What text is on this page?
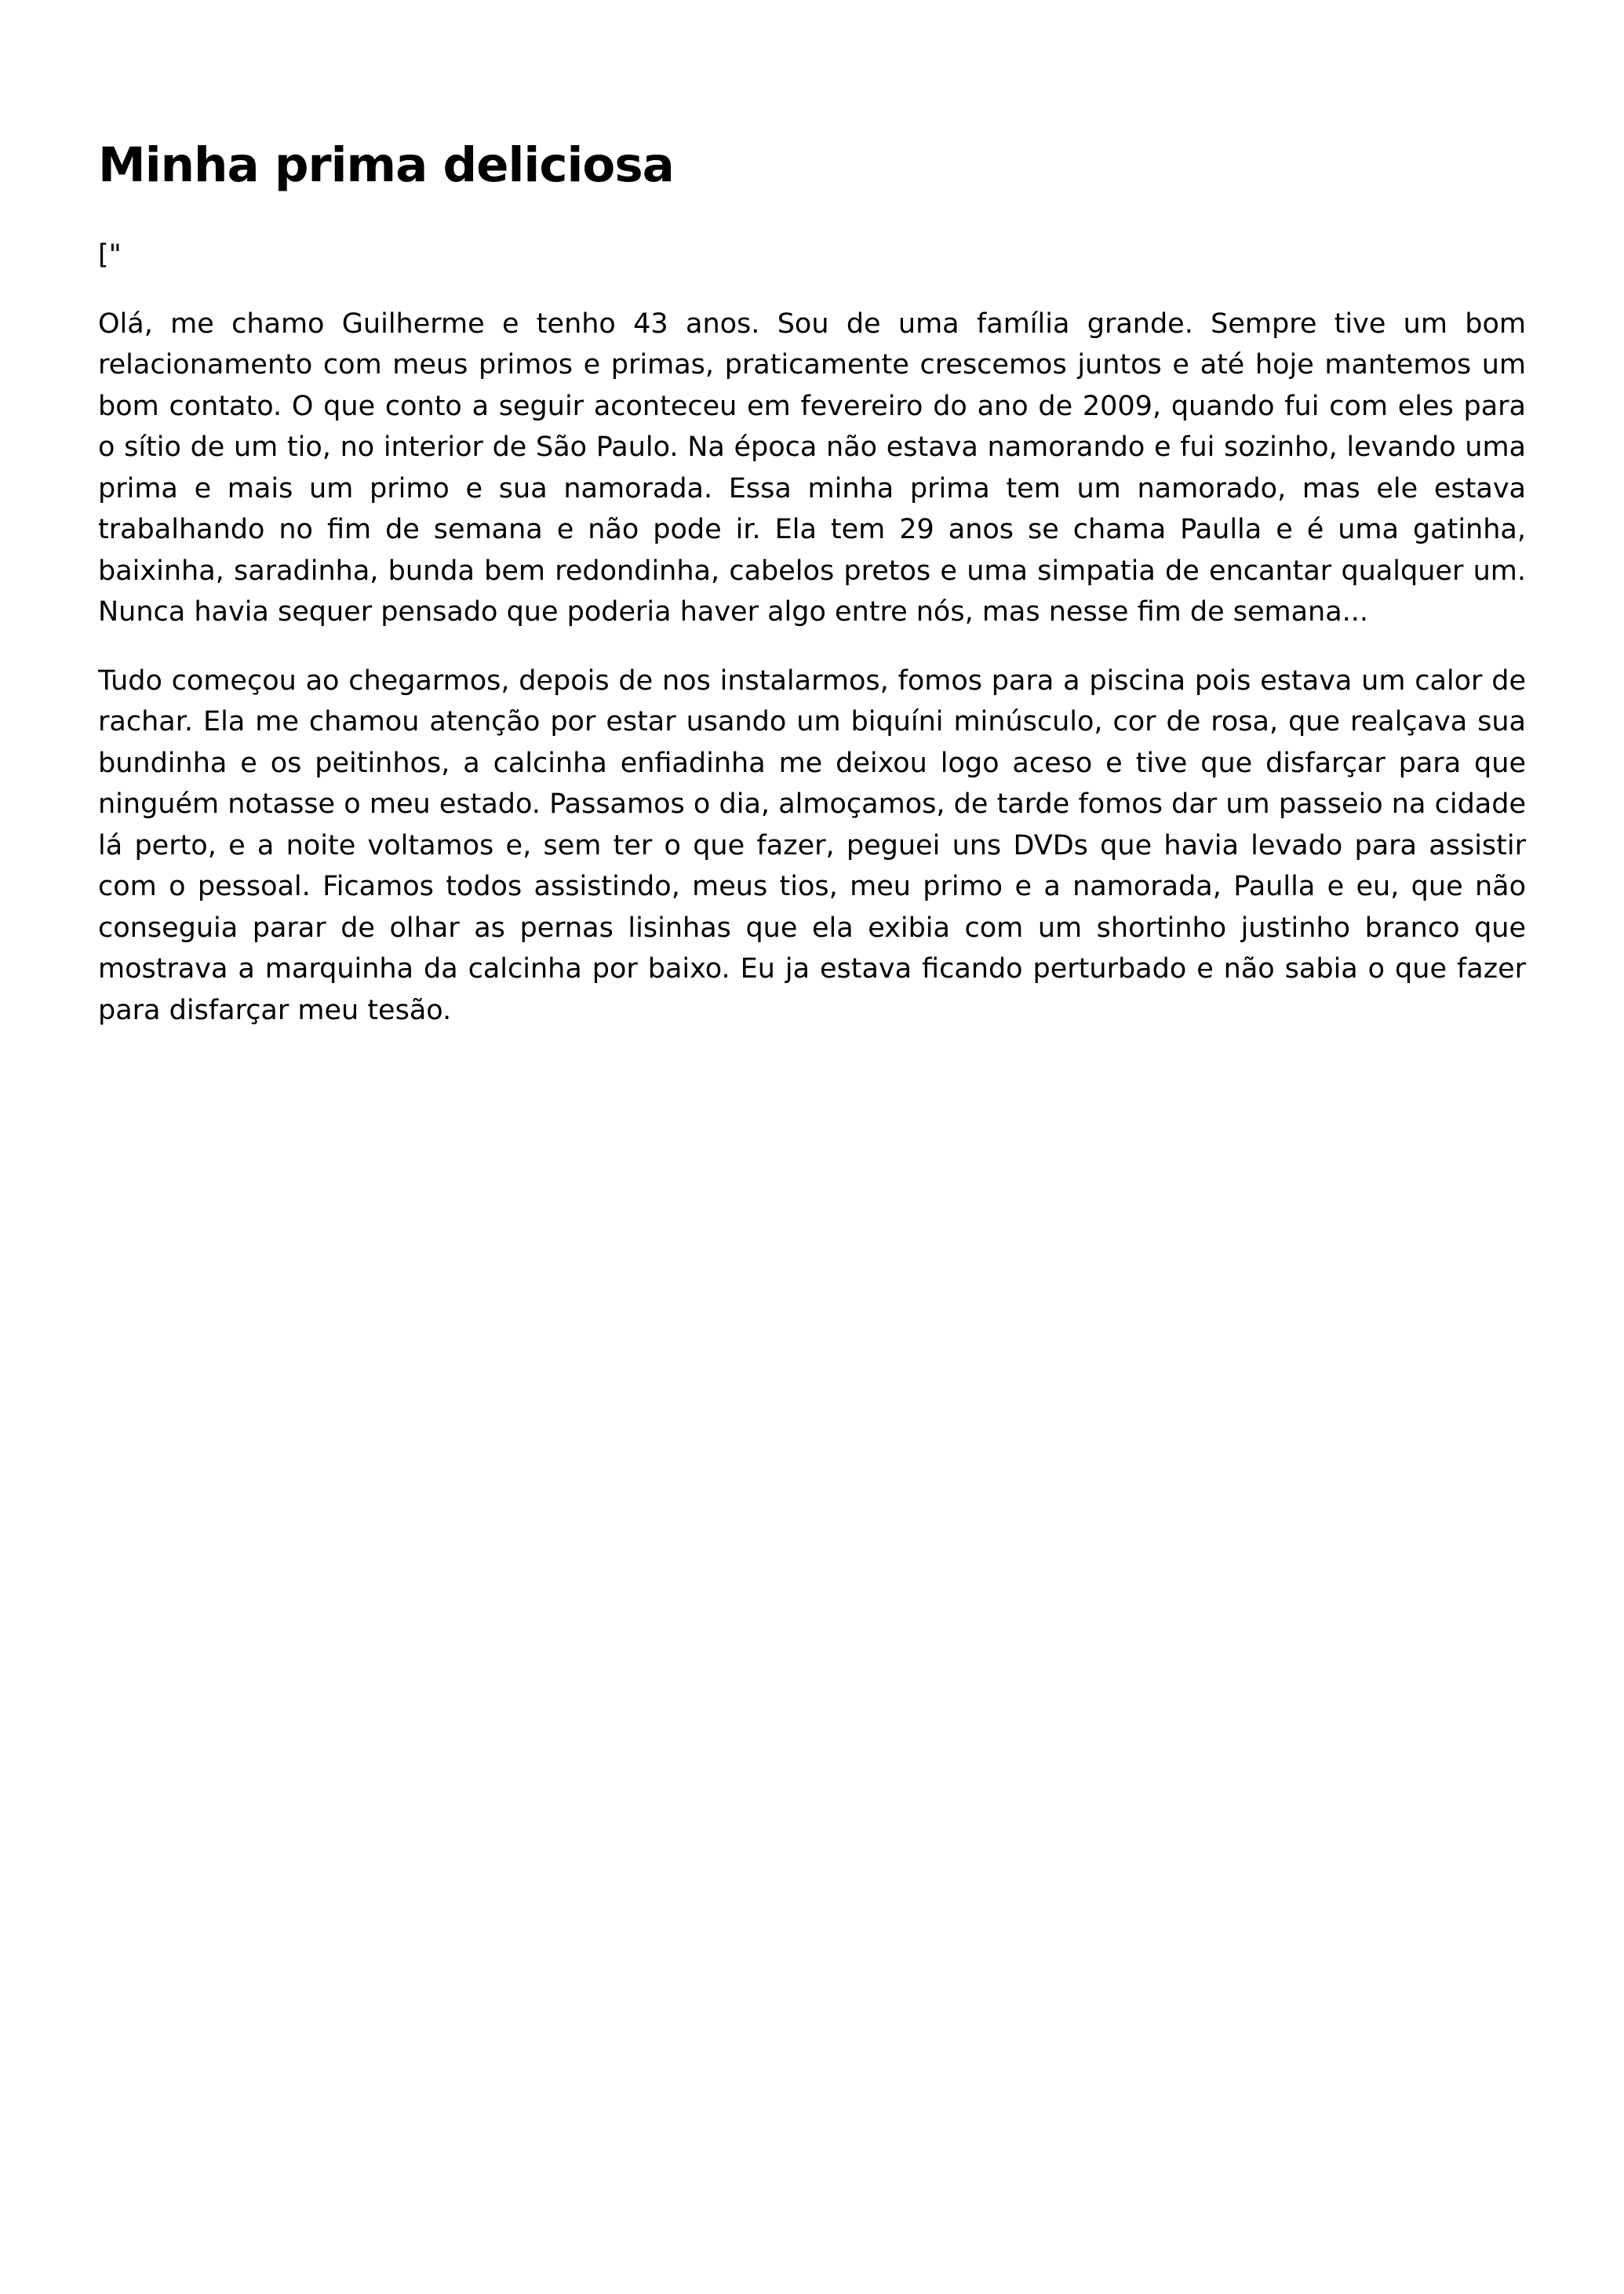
Minha prima deliciosa

["

Olá, me chamo Guilherme e tenho 43 anos. Sou de uma família grande. Sempre tive um bom relacionamento com meus primos e primas, praticamente crescemos juntos e até hoje mantemos um bom contato. O que conto a seguir aconteceu em fevereiro do ano de 2009, quando fui com eles para o sítio de um tio, no interior de São Paulo. Na época não estava namorando e fui sozinho, levando uma prima e mais um primo e sua namorada. Essa minha prima tem um namorado, mas ele estava trabalhando no fim de semana e não pode ir. Ela tem 29 anos se chama Paulla e é uma gatinha, baixinha, saradinha, bunda bem redondinha, cabelos pretos e uma simpatia de encantar qualquer um. Nunca havia sequer pensado que poderia haver algo entre nós, mas nesse fim de semana...

Tudo começou ao chegarmos, depois de nos instalarmos, fomos para a piscina pois estava um calor de rachar. Ela me chamou atenção por estar usando um biquíni minúsculo, cor de rosa, que realçava sua bundinha e os peitinhos, a calcinha enfiadinha me deixou logo aceso e tive que disfarçar para que ninguém notasse o meu estado. Passamos o dia, almoçamos, de tarde fomos dar um passeio na cidade lá perto, e a noite voltamos e, sem ter o que fazer, peguei uns DVDs que havia levado para assistir com o pessoal. Ficamos todos assistindo, meus tios, meu primo e a namorada, Paulla e eu, que não conseguia parar de olhar as pernas lisinhas que ela exibia com um shortinho justinho branco que mostrava a marquinha da calcinha por baixo. Eu ja estava ficando perturbado e não sabia o que fazer para disfarçar meu tesão.
